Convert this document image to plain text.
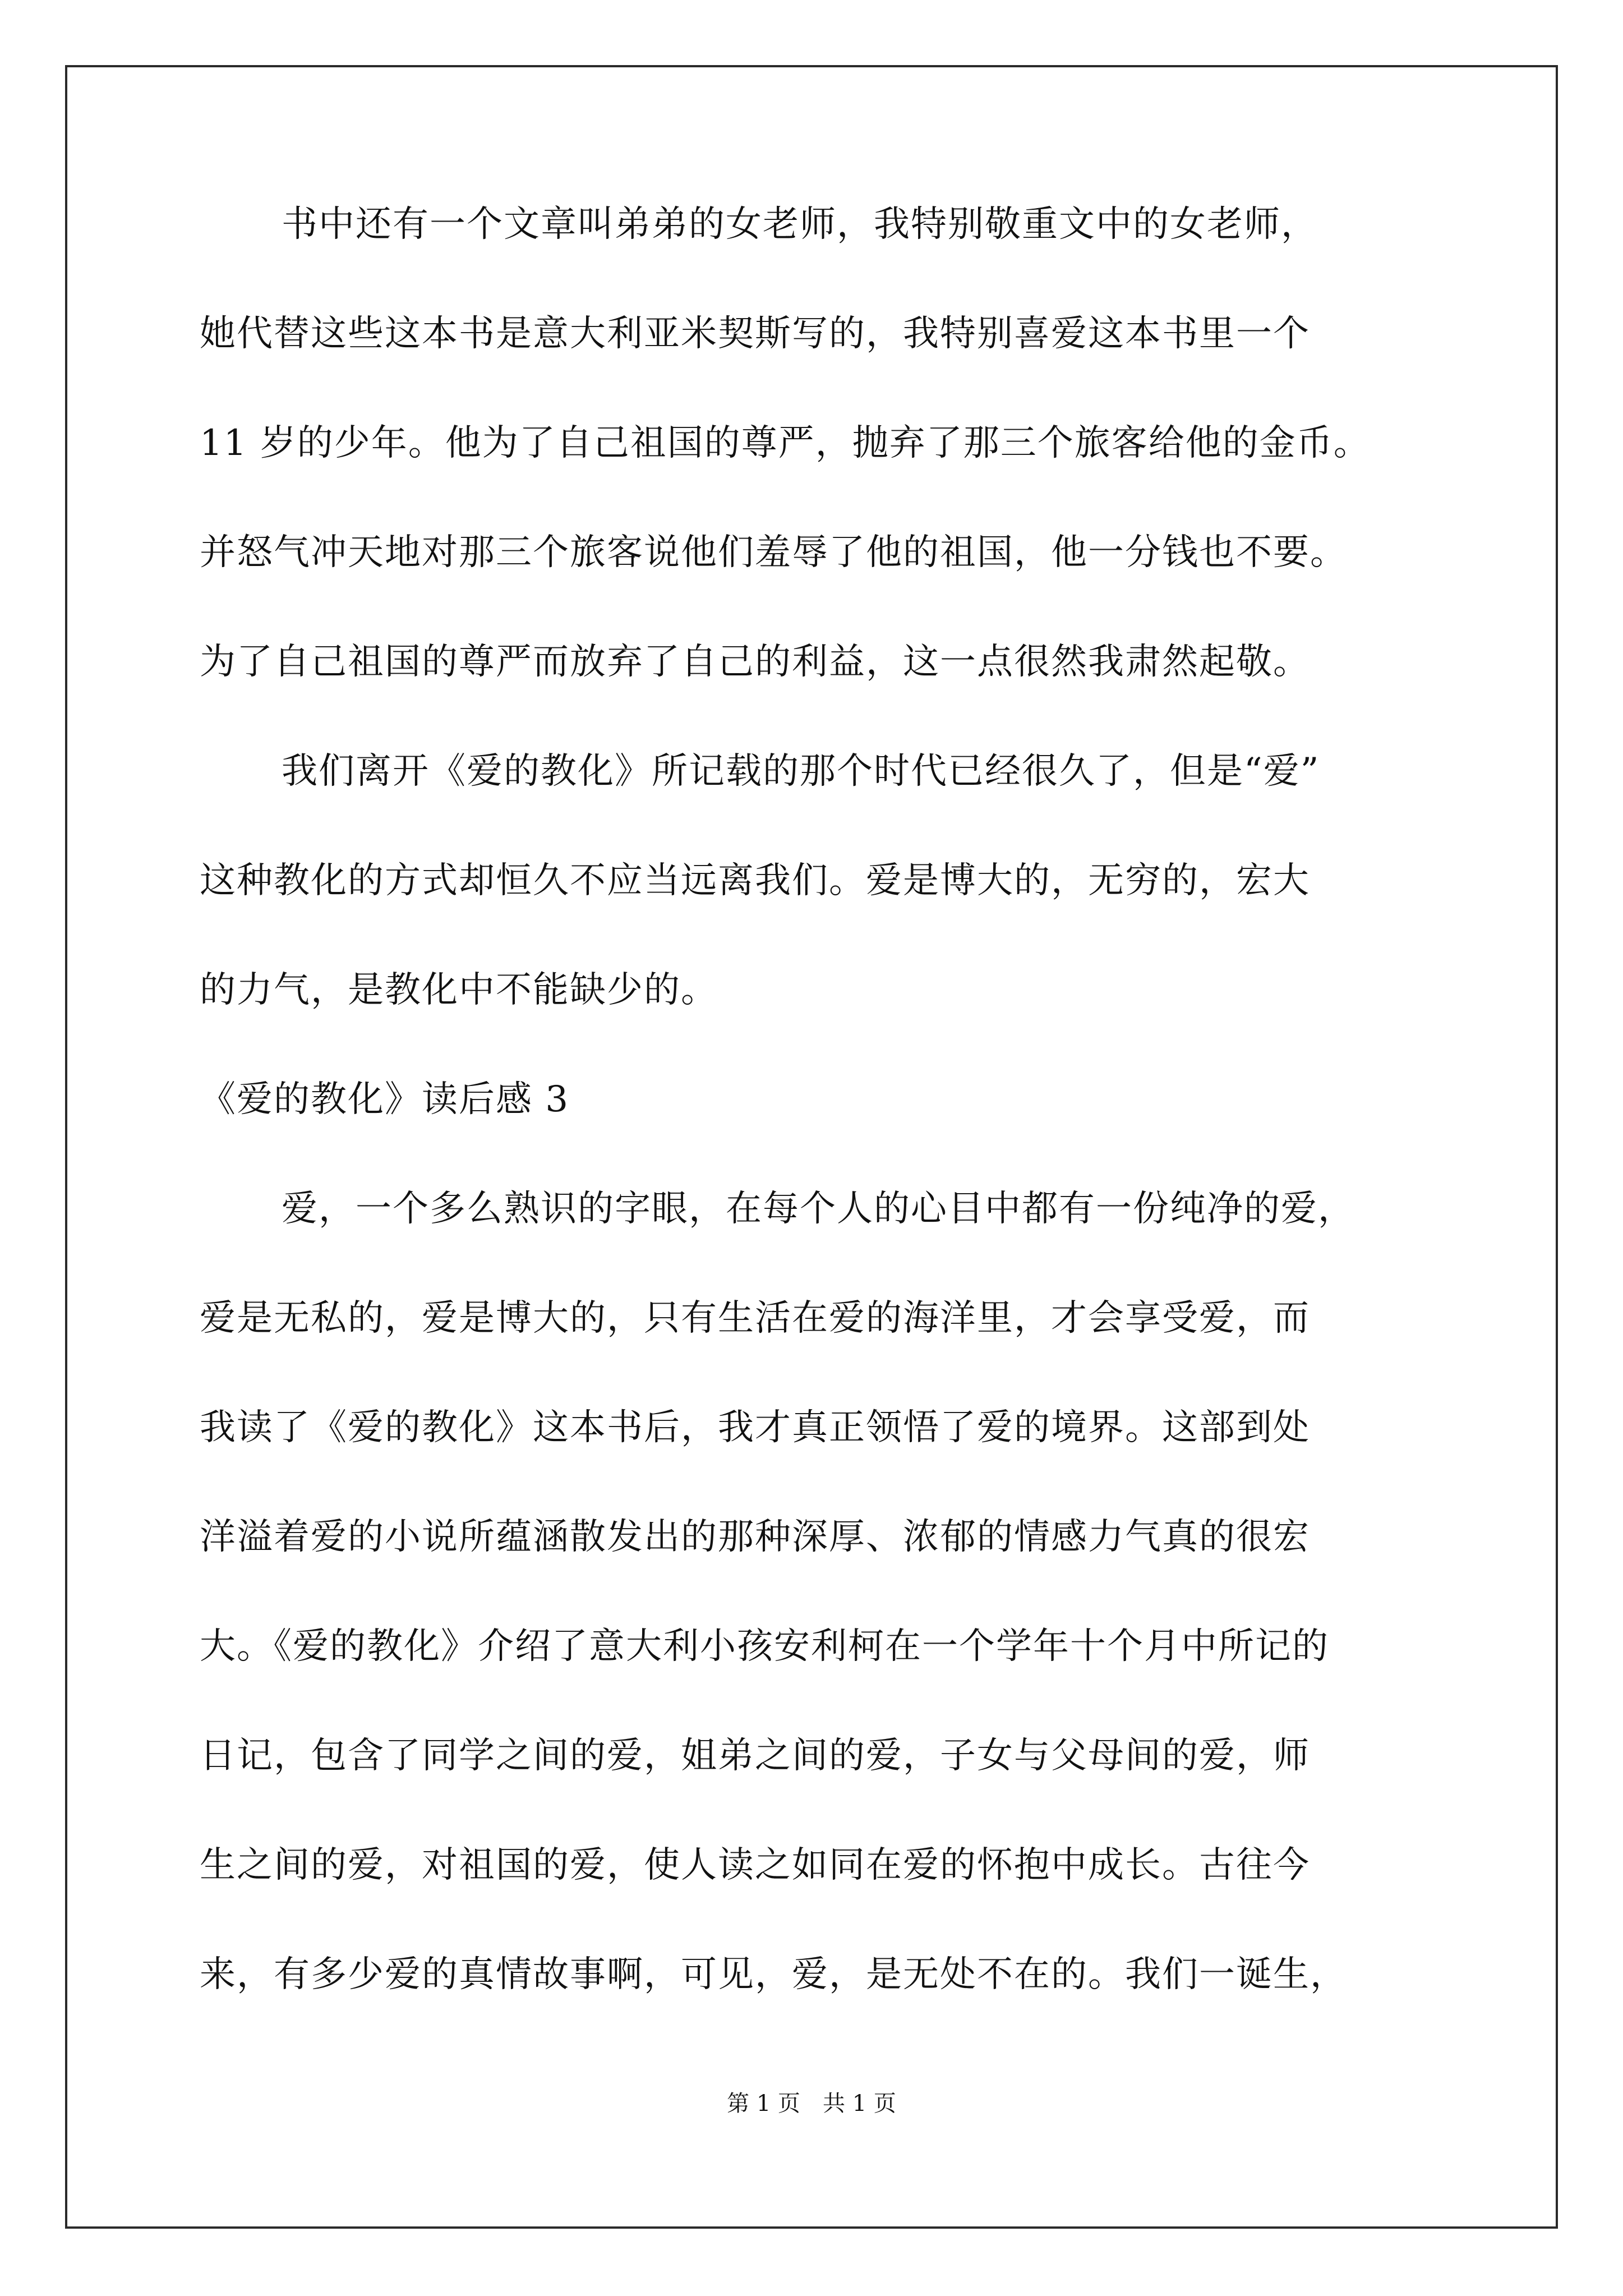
书中还有一个文章叫弟弟的女老师，我特别敬重文中的女老师，
她代替这些这本书是意大利亚米契斯写的，我特别喜爱这本书里一个
11 岁的少年。他为了自己祖国的尊严，抛弃了那三个旅客给他的金币。
并怒气冲天地对那三个旅客说他们羞辱了他的祖国，他一分钱也不要。
为了自己祖国的尊严而放弃了自己的利益，这一点很然我肃然起敬。
我们离开《爱的教化》所记载的那个时代已经很久了，但是“爱”
这种教化的方式却恒久不应当远离我们。爱是博大的，无穷的，宏大
的力气，是教化中不能缺少的。
《爱的教化》读后感 3
爱，一个多么熟识的字眼，在每个人的心目中都有一份纯净的爱，
爱是无私的，爱是博大的，只有生活在爱的海洋里，才会享受爱，而
我读了《爱的教化》这本书后，我才真正领悟了爱的境界。这部到处
洋溢着爱的小说所蕴涵散发出的那种深厚、浓郁的情感力气真的很宏
大。《爱的教化》介绍了意大利小孩安利柯在一个学年十个月中所记的
日记，包含了同学之间的爱，姐弟之间的爱，子女与父母间的爱，师
生之间的爱，对祖国的爱，使人读之如同在爱的怀抱中成长。古往今
来，有多少爱的真情故事啊，可见，爱，是无处不在的。我们一诞生，
第 1 页　共 1 页
